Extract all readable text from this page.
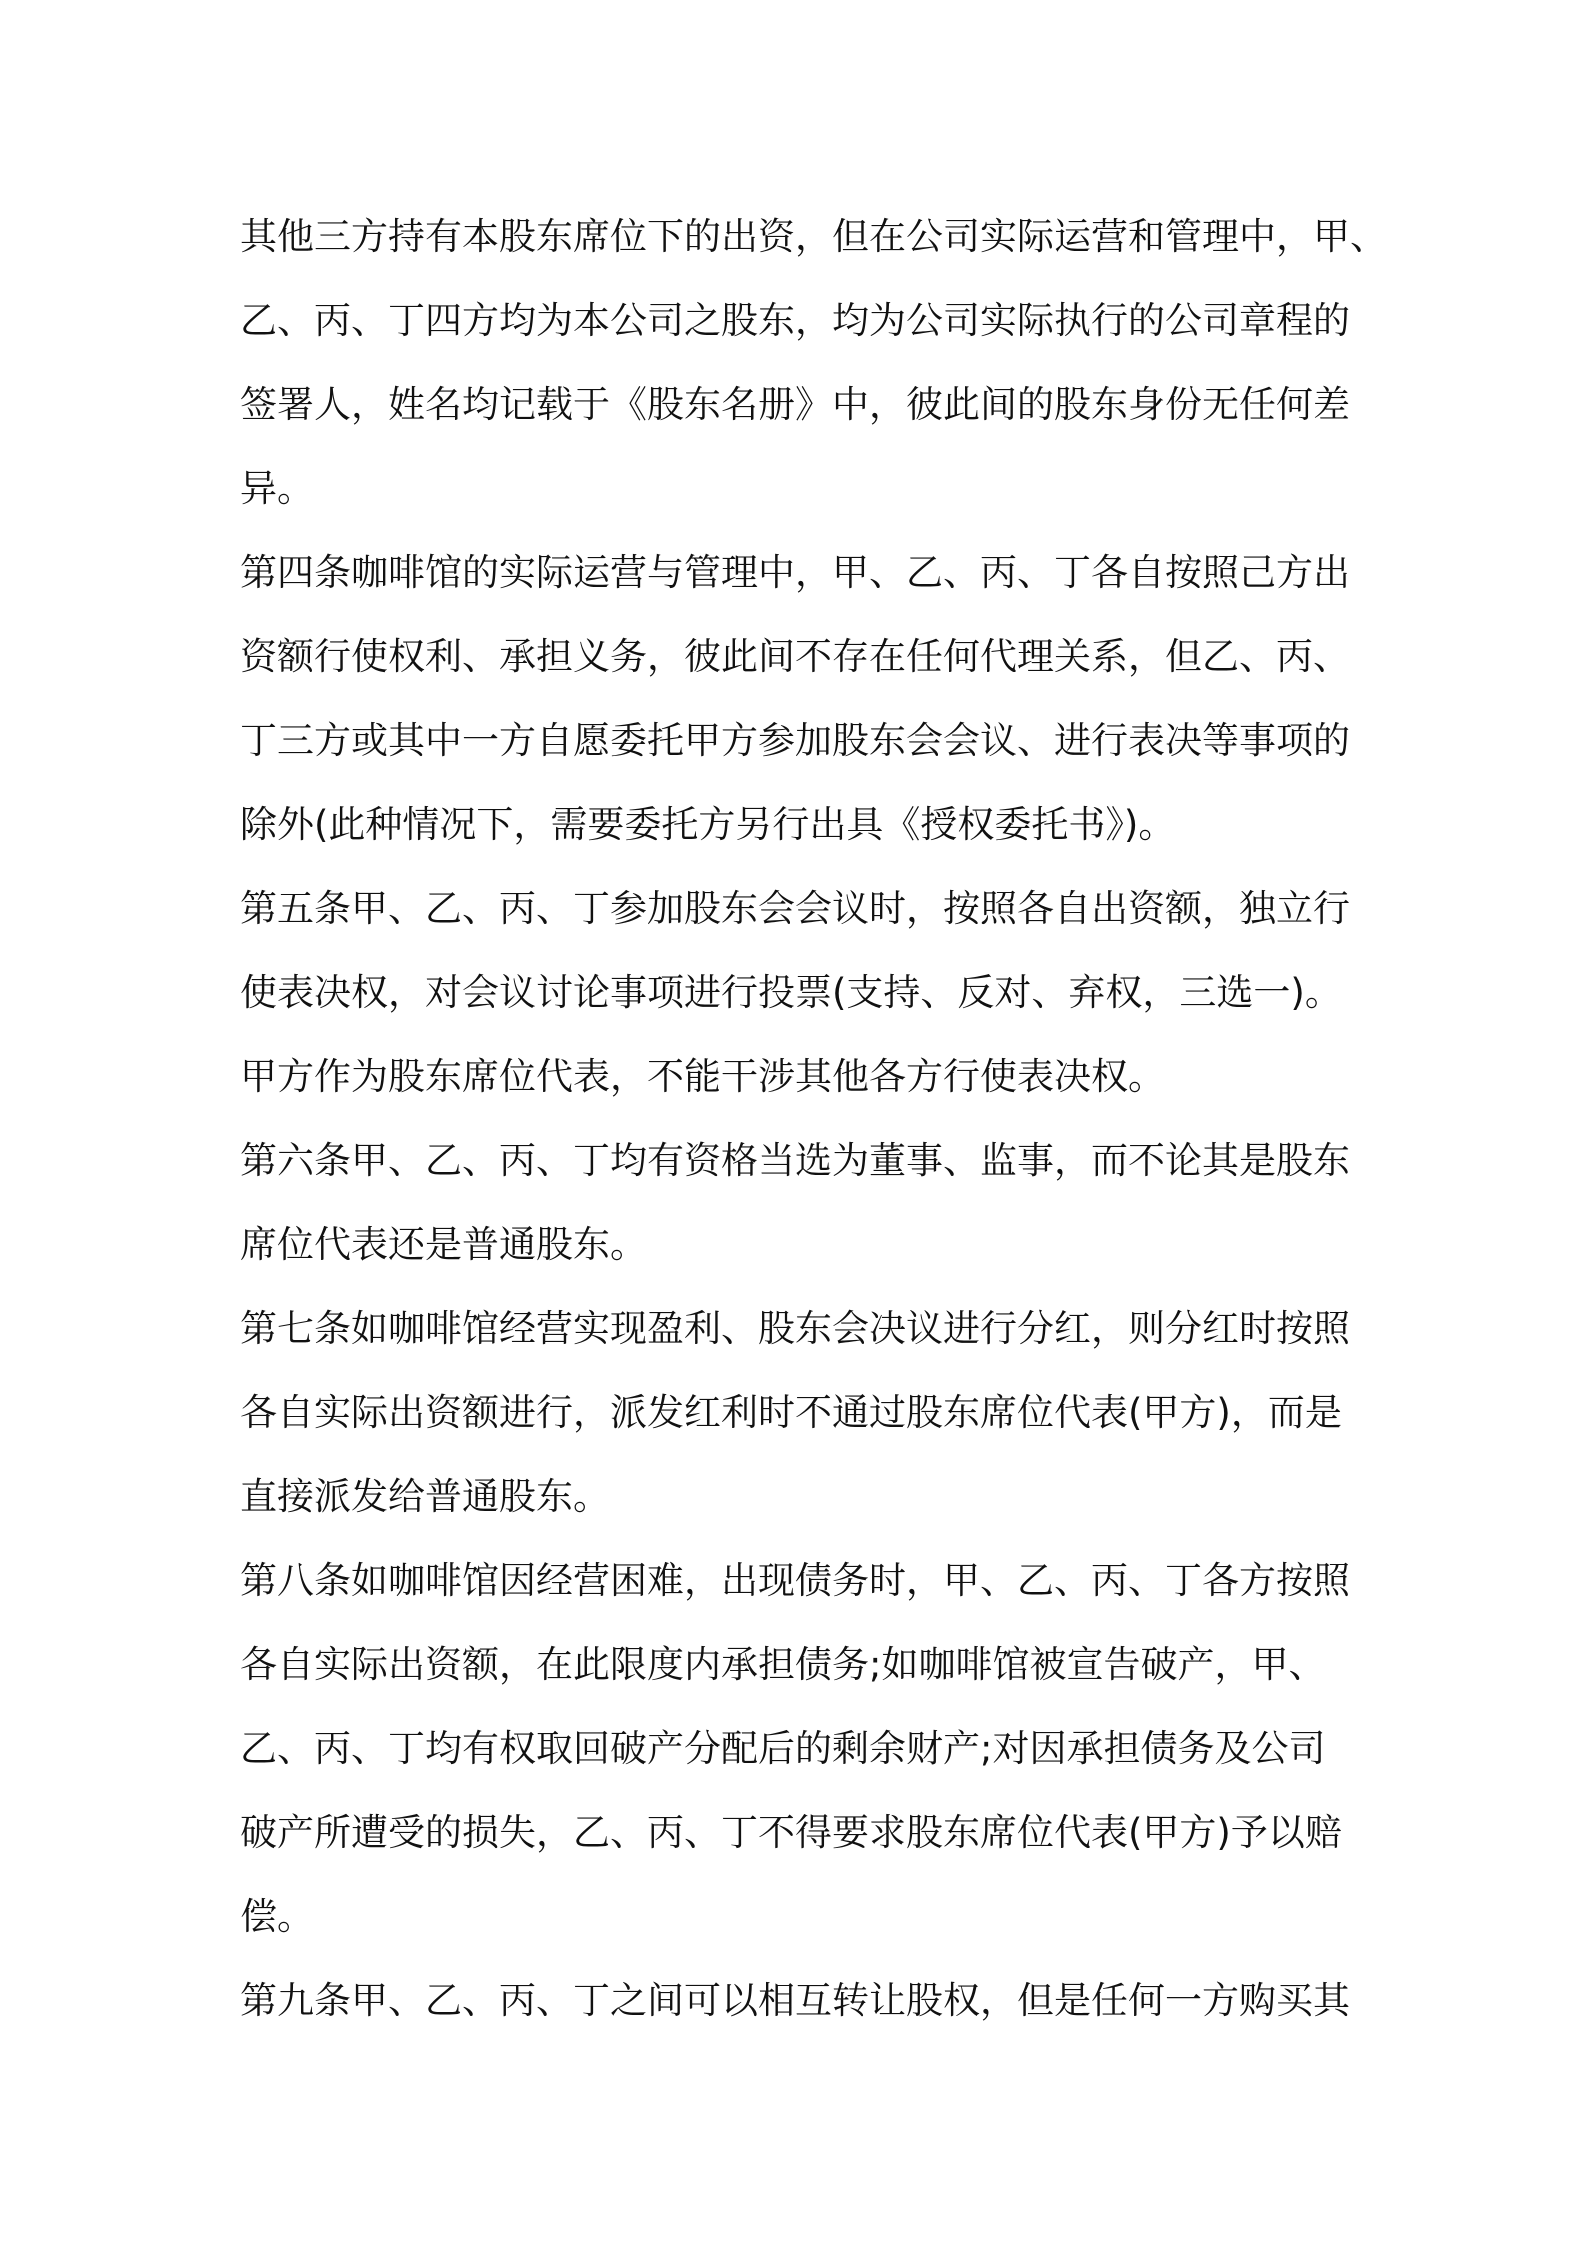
其他三方持有本股东席位下的出资，但在公司实际运营和管理中，甲、
乙、丙、丁四方均为本公司之股东，均为公司实际执行的公司章程的
签署人，姓名均记载于《股东名册》中，彼此间的股东身份无任何差
异。
第四条咖啡馆的实际运营与管理中，甲、乙、丙、丁各自按照己方出
资额行使权利、承担义务，彼此间不存在任何代理关系，但乙、丙、
丁三方或其中一方自愿委托甲方参加股东会会议、进行表决等事项的
除外(此种情况下，需要委托方另行出具《授权委托书》)。
第五条甲、乙、丙、丁参加股东会会议时，按照各自出资额，独立行
使表决权，对会议讨论事项进行投票(支持、反对、弃权，三选一)。
甲方作为股东席位代表，不能干涉其他各方行使表决权。
第六条甲、乙、丙、丁均有资格当选为董事、监事，而不论其是股东
席位代表还是普通股东。
第七条如咖啡馆经营实现盈利、股东会决议进行分红，则分红时按照
各自实际出资额进行，派发红利时不通过股东席位代表(甲方)，而是
直接派发给普通股东。
第八条如咖啡馆因经营困难，出现债务时，甲、乙、丙、丁各方按照
各自实际出资额，在此限度内承担债务;如咖啡馆被宣告破产，甲、
乙、丙、丁均有权取回破产分配后的剩余财产;对因承担债务及公司
破产所遭受的损失，乙、丙、丁不得要求股东席位代表(甲方)予以赔
偿。
第九条甲、乙、丙、丁之间可以相互转让股权，但是任何一方购买其
